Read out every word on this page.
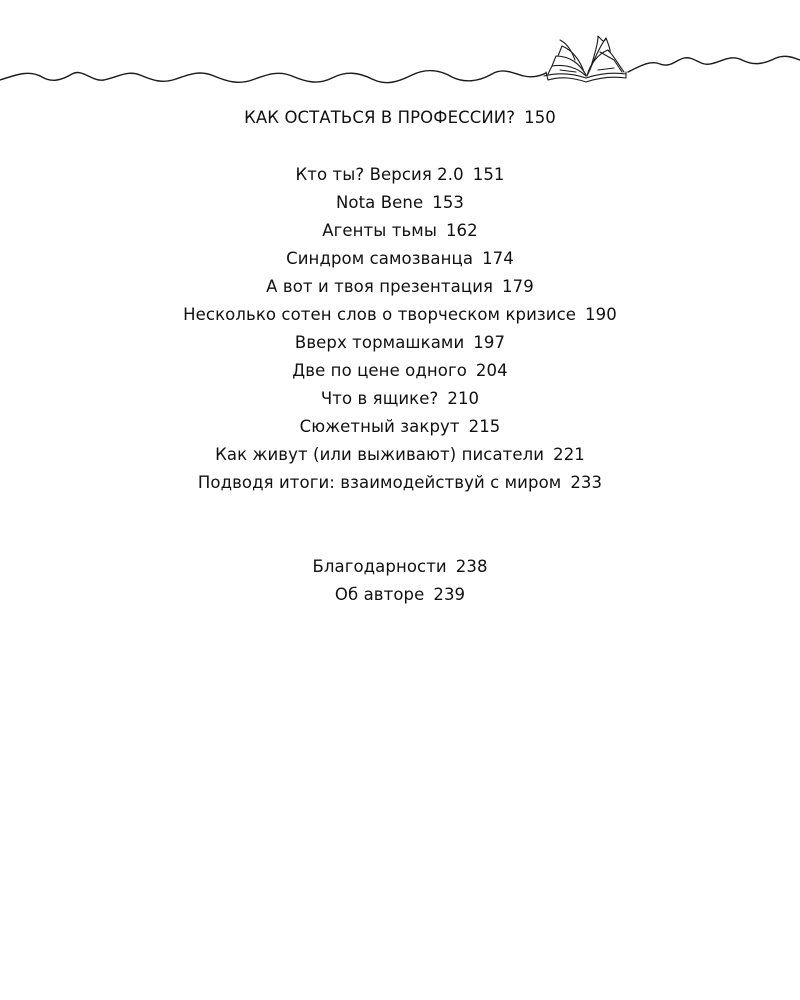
КАК ОСТАТЬСЯ В ПРОФЕССИИ? 150
Кто ты? Версия 2.0 151
Nota Bene 153
Агенты тьмы 162
Синдром самозванца 174
А вот и твоя презентация 179
Несколько сотен слов о творческом кризисе 190
Вверх тормашками 197
Две по цене одного 204
Что в ящике? 210
Сюжетный закрут 215
Как живут (или выживают) писатели 221
Подводя итоги: взаимодействуй с миром 233
Благодарности 238
Об авторе 239
